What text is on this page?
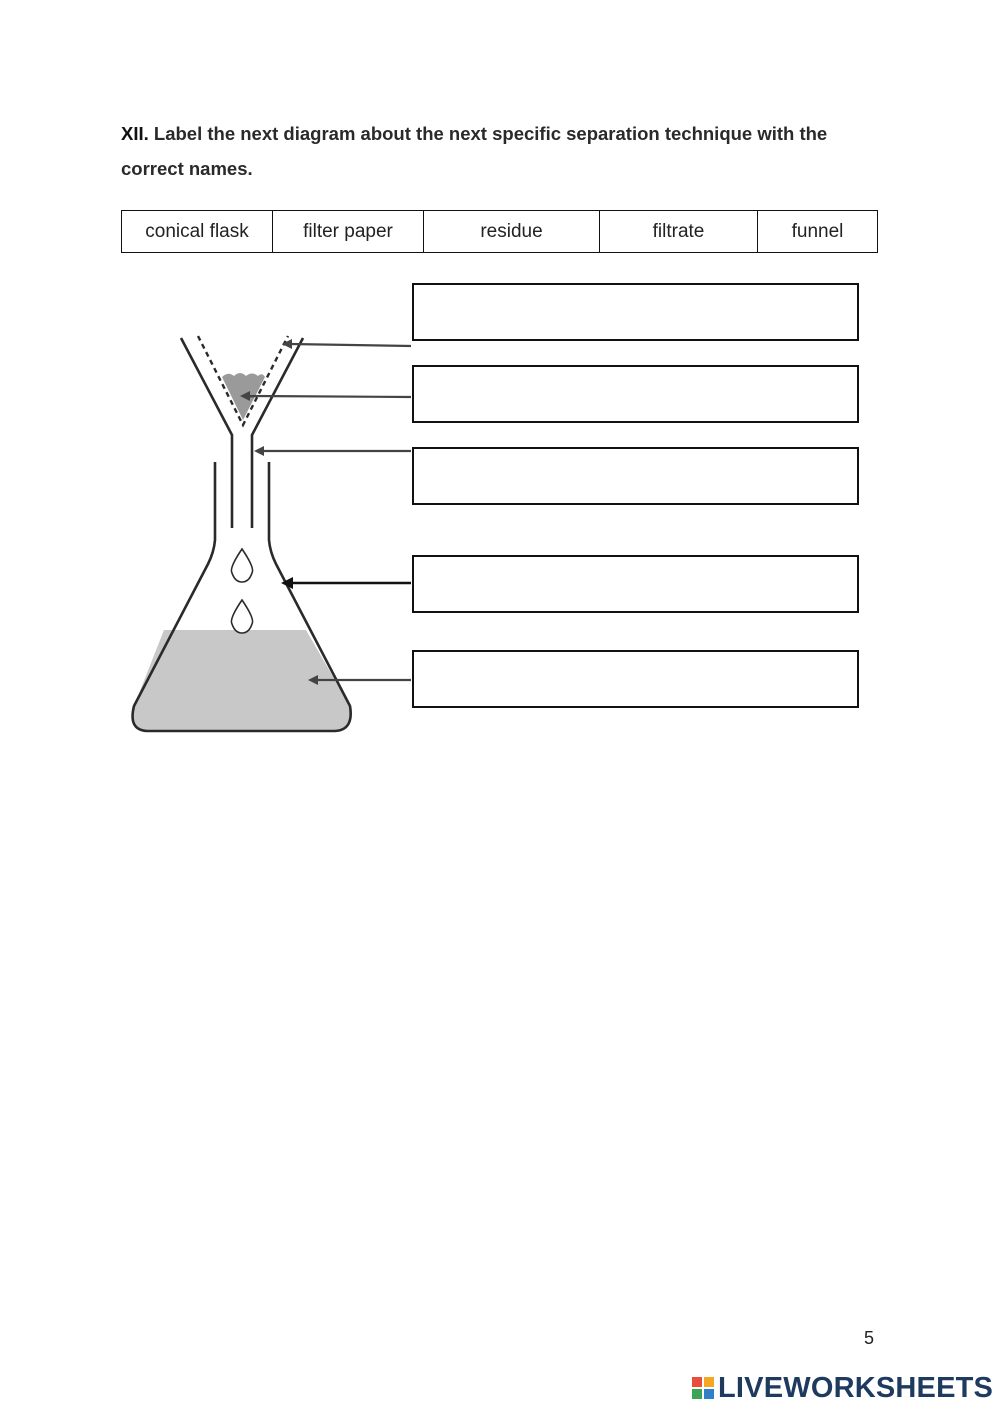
XII. Label the next diagram about the next specific separation technique with the correct names.
conical flask	filter paper	residue	filtrate	funnel
5
LIVEWORKSHEETS
